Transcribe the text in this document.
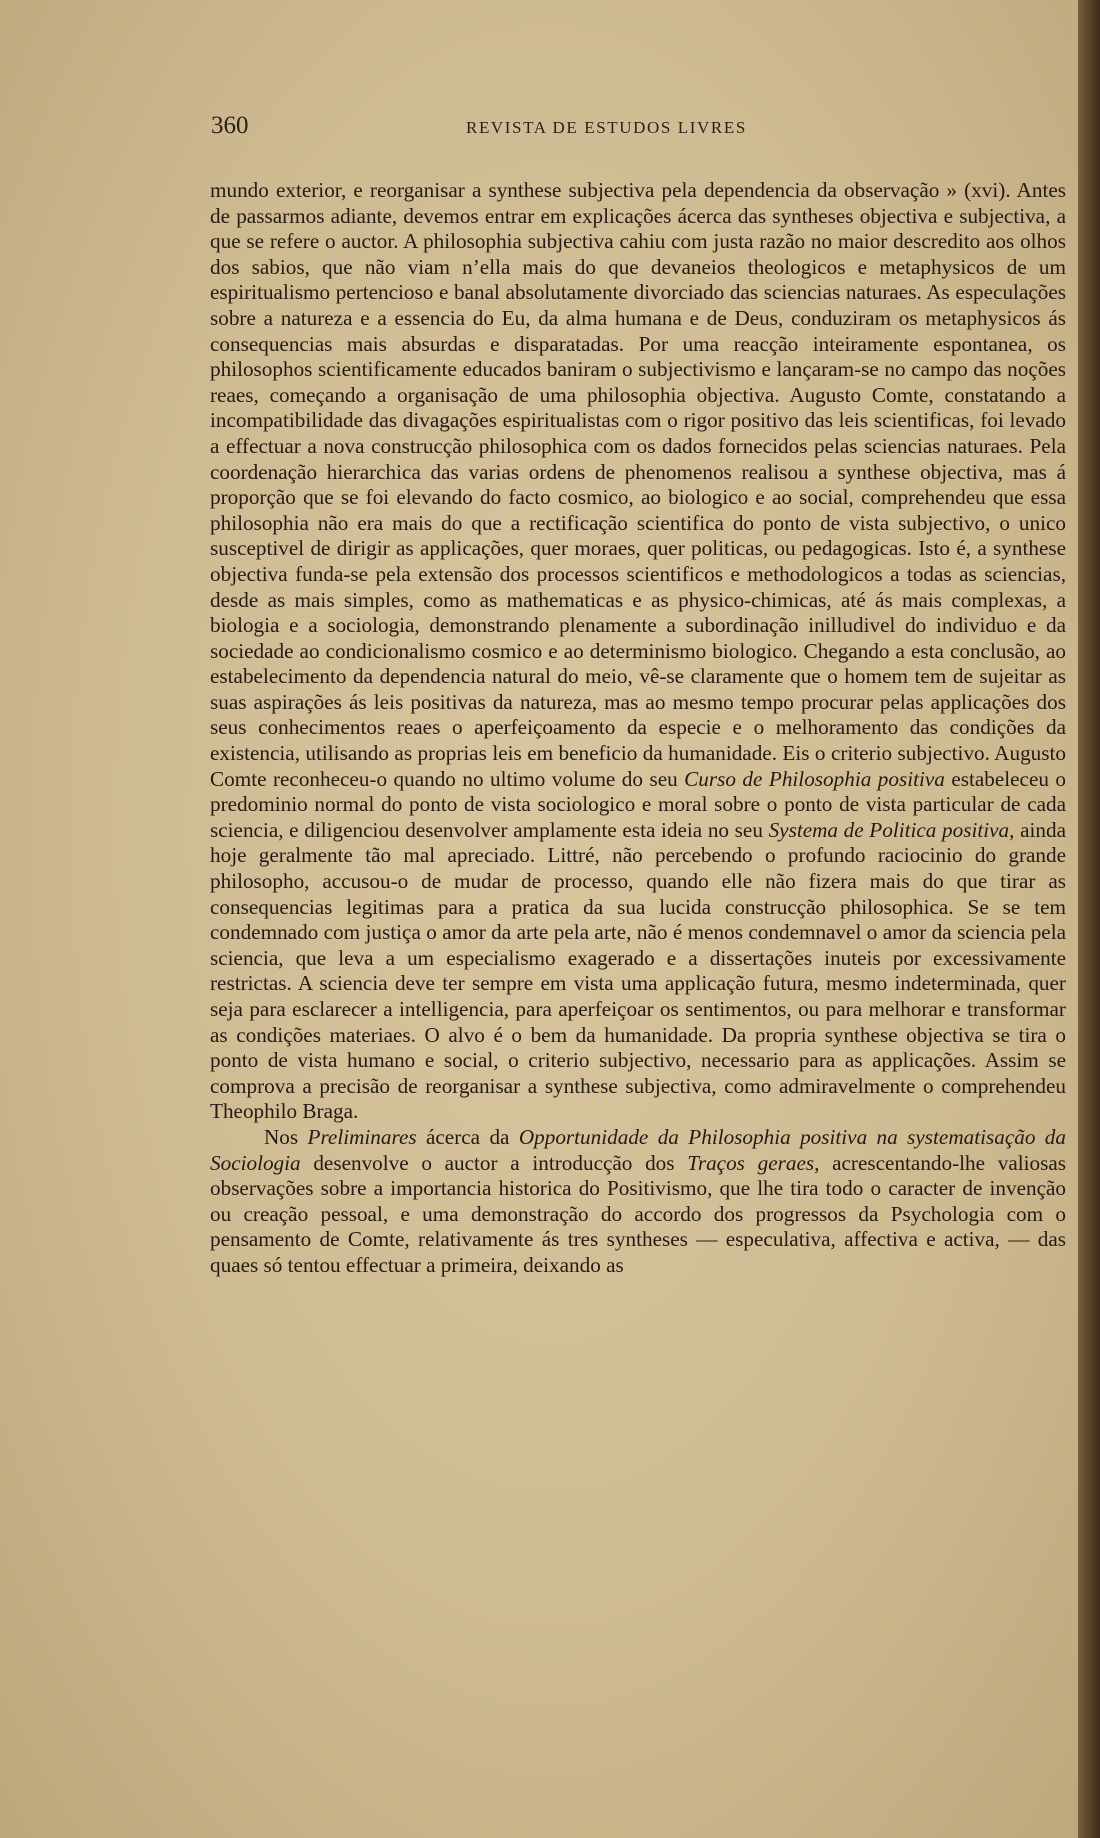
360	REVISTA DE ESTUDOS LIVRES

mundo exterior, e reorganisar a synthese subjectiva pela dependencia da observação » (xvi). Antes de passarmos adiante, devemos entrar em explicações ácerca das syntheses objectiva e subjectiva, a que se refere o auctor. A philosophia subjectiva cahiu com justa razão no maior descredito aos olhos dos sabios, que não viam n’ella mais do que devaneios theologicos e metaphysicos de um espiritualismo pertencioso e banal absolutamente divorciado das sciencias naturaes. As especulações sobre a natureza e a essencia do Eu, da alma humana e de Deus, conduziram os metaphysicos ás consequencias mais absurdas e disparatadas. Por uma reacção inteiramente espontanea, os philosophos scientificamente educados baniram o subjectivismo e lançaram-se no campo das noções reaes, começando a organisação de uma philosophia objectiva. Augusto Comte, constatando a incompatibilidade das divagações espiritualistas com o rigor positivo das leis scientificas, foi levado a effectuar a nova construcção philosophica com os dados fornecidos pelas sciencias naturaes. Pela coordenação hierarchica das varias ordens de phenomenos realisou a synthese objectiva, mas á proporção que se foi elevando do facto cosmico, ao biologico e ao social, comprehendeu que essa philosophia não era mais do que a rectificação scientifica do ponto de vista subjectivo, o unico susceptivel de dirigir as applicações, quer moraes, quer politicas, ou pedagogicas. Isto é, a synthese objectiva funda-se pela extensão dos processos scientificos e methodologicos a todas as sciencias, desde as mais simples, como as mathematicas e as physico-chimicas, até ás mais complexas, a biologia e a sociologia, demonstrando plenamente a subordinação inilludivel do individuo e da sociedade ao condicionalismo cosmico e ao determinismo biologico. Chegando a esta conclusão, ao estabelecimento da dependencia natural do meio, vê-se claramente que o homem tem de sujeitar as suas aspirações ás leis positivas da natureza, mas ao mesmo tempo procurar pelas applicações dos seus conhecimentos reaes o aperfeiçoamento da especie e o melhoramento das condições da existencia, utilisando as proprias leis em beneficio da humanidade. Eis o criterio subjectivo. Augusto Comte reconheceu-o quando no ultimo volume do seu Curso de Philosophia positiva estabeleceu o predominio normal do ponto de vista sociologico e moral sobre o ponto de vista particular de cada sciencia, e diligenciou desenvolver amplamente esta ideia no seu Systema de Politica positiva, ainda hoje geralmente tão mal apreciado. Littré, não percebendo o profundo raciocinio do grande philosopho, accusou-o de mudar de processo, quando elle não fizera mais do que tirar as consequencias legitimas para a pratica da sua lucida construcção philosophica. Se se tem condemnado com justiça o amor da arte pela arte, não é menos condemnavel o amor da sciencia pela sciencia, que leva a um especialismo exagerado e a dissertações inuteis por excessivamente restrictas. A sciencia deve ter sempre em vista uma applicação futura, mesmo indeterminada, quer seja para esclarecer a intelligencia, para aperfeiçoar os sentimentos, ou para melhorar e transformar as condições materiaes. O alvo é o bem da humanidade. Da propria synthese objectiva se tira o ponto de vista humano e social, o criterio subjectivo, necessario para as applicações. Assim se comprova a precisão de reorganisar a synthese subjectiva, como admiravelmente o comprehendeu Theophilo Braga.

Nos Preliminares ácerca da Opportunidade da Philosophia positiva na systematisação da Sociologia desenvolve o auctor a introducção dos Traços geraes, acrescentando-lhe valiosas observações sobre a importancia historica do Positivismo, que lhe tira todo o caracter de invenção ou creação pessoal, e uma demonstração do accordo dos progressos da Psychologia com o pensamento de Comte, relativamente ás tres syntheses — especulativa, affectiva e activa, — das quaes só tentou effectuar a primeira, deixando as
